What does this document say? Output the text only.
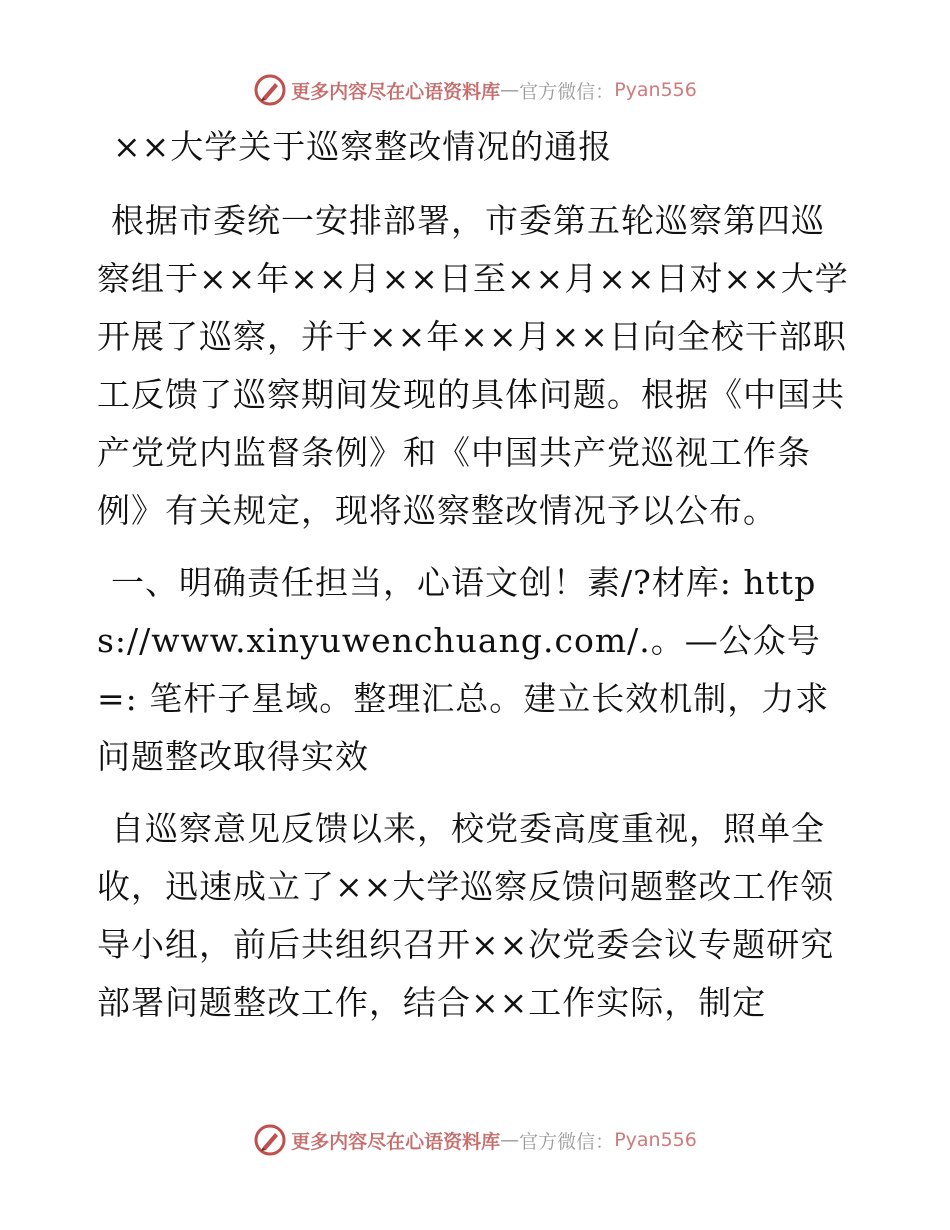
更多内容尽在心语资料库 — 官方微信： Pyan556
××大学关于巡察整改情况的通报

根据市委统一安排部署，市委第五轮巡察第四巡察组于××年××月××日至××月××日对××大学开展了巡察，并于××年××月××日向全校干部职工反馈了巡察期间发现的具体问题。根据《中国共产党党内监督条例》和《中国共产党巡视工作条例》有关规定，现将巡察整改情况予以公布。

一、明确责任担当，心语文创！素/?材库: https://www.xinyuwenchuang.com/.。—公众号=: 笔杆子星域。整理汇总。建立长效机制，力求问题整改取得实效

自巡察意见反馈以来，校党委高度重视，照单全收，迅速成立了××大学巡察反馈问题整改工作领导小组，前后共组织召开××次党委会议专题研究部署问题整改工作，结合××工作实际，制定

更多内容尽在心语资料库 — 官方微信： Pyan556
